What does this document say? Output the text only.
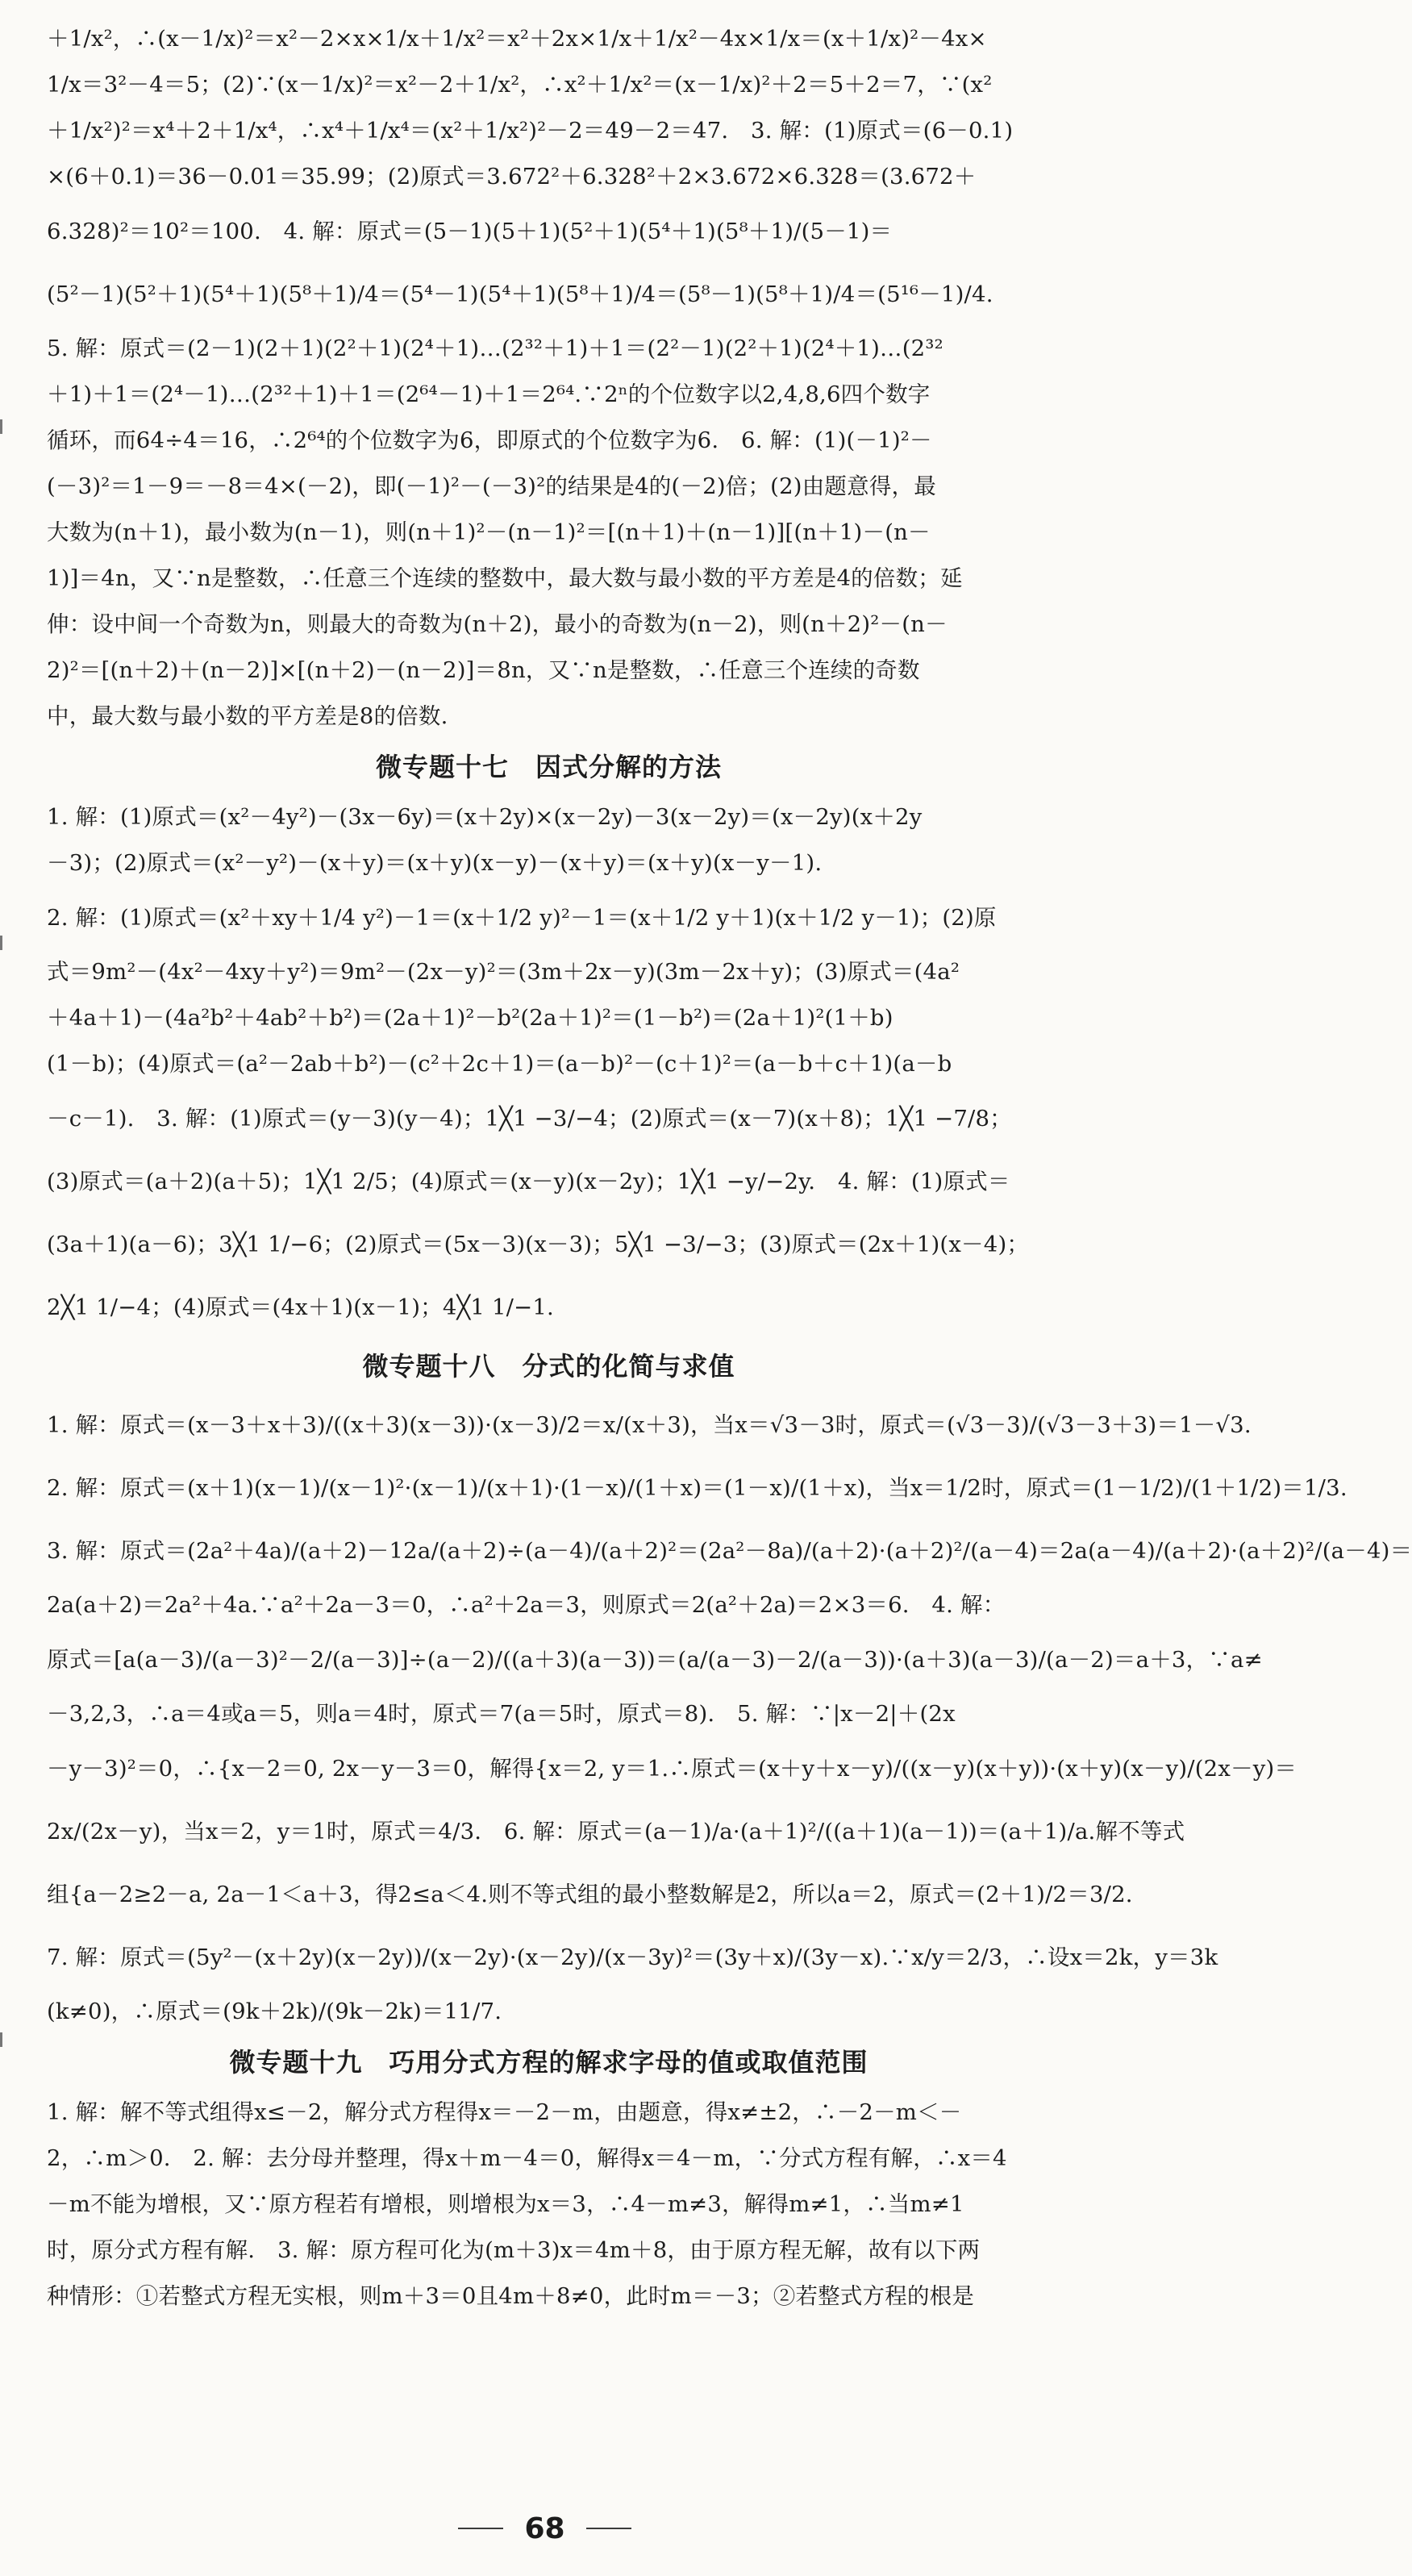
＋1/x²，∴(x－1/x)²＝x²－2×x×1/x＋1/x²＝x²＋2x×1/x＋1/x²－4x×1/x＝(x＋1/x)²－4x×
1/x＝3²－4＝5；(2)∵(x－1/x)²＝x²－2＋1/x²，∴x²＋1/x²＝(x－1/x)²＋2＝5＋2＝7，∵(x²
＋1/x²)²＝x⁴＋2＋1/x⁴，∴x⁴＋1/x⁴＝(x²＋1/x²)²－2＝49－2＝47.　3. 解：(1)原式＝(6－0.1)
×(6＋0.1)＝36－0.01＝35.99；(2)原式＝3.672²＋6.328²＋2×3.672×6.328＝(3.672＋
6.328)²＝10²＝100.　4. 解：原式＝(5－1)(5＋1)(5²＋1)(5⁴＋1)(5⁸＋1)/(5－1)＝
(5²－1)(5²＋1)(5⁴＋1)(5⁸＋1)/4＝(5⁴－1)(5⁴＋1)(5⁸＋1)/4＝(5⁸－1)(5⁸＋1)/4＝(5¹⁶－1)/4.
5. 解：原式＝(2－1)(2＋1)(2²＋1)(2⁴＋1)…(2³²＋1)＋1＝(2²－1)(2²＋1)(2⁴＋1)…(2³²
＋1)＋1＝(2⁴－1)…(2³²＋1)＋1＝(2⁶⁴－1)＋1＝2⁶⁴.∵2ⁿ的个位数字以2,4,8,6四个数字
循环，而64÷4＝16，∴2⁶⁴的个位数字为6，即原式的个位数字为6.　6. 解：(1)(－1)²－
(－3)²＝1－9＝－8＝4×(－2)，即(－1)²－(－3)²的结果是4的(－2)倍；(2)由题意得，最
大数为(n＋1)，最小数为(n－1)，则(n＋1)²－(n－1)²＝[(n＋1)＋(n－1)][(n＋1)－(n－
1)]＝4n，又∵n是整数，∴任意三个连续的整数中，最大数与最小数的平方差是4的倍数；延
伸：设中间一个奇数为n，则最大的奇数为(n＋2)，最小的奇数为(n－2)，则(n＋2)²－(n－
2)²＝[(n＋2)＋(n－2)]×[(n＋2)－(n－2)]＝8n，又∵n是整数，∴任意三个连续的奇数
中，最大数与最小数的平方差是8的倍数.
微专题十七　因式分解的方法
1. 解：(1)原式＝(x²－4y²)－(3x－6y)＝(x＋2y)×(x－2y)－3(x－2y)＝(x－2y)(x＋2y
－3)；(2)原式＝(x²－y²)－(x＋y)＝(x＋y)(x－y)－(x＋y)＝(x＋y)(x－y－1).
2. 解：(1)原式＝(x²＋xy＋1/4 y²)－1＝(x＋1/2 y)²－1＝(x＋1/2 y＋1)(x＋1/2 y－1)；(2)原
式＝9m²－(4x²－4xy＋y²)＝9m²－(2x－y)²＝(3m＋2x－y)(3m－2x＋y)；(3)原式＝(4a²
＋4a＋1)－(4a²b²＋4ab²＋b²)＝(2a＋1)²－b²(2a＋1)²＝(1－b²)＝(2a＋1)²(1＋b)
(1－b)；(4)原式＝(a²－2ab＋b²)－(c²＋2c＋1)＝(a－b)²－(c＋1)²＝(a－b＋c＋1)(a－b
－c－1).　3. 解：(1)原式＝(y－3)(y－4)；1╳1 −3/−4；(2)原式＝(x－7)(x＋8)；1╳1 −7/8；
(3)原式＝(a＋2)(a＋5)；1╳1 2/5；(4)原式＝(x－y)(x－2y)；1╳1 −y/−2y.　4. 解：(1)原式＝
(3a＋1)(a－6)；3╳1 1/−6；(2)原式＝(5x－3)(x－3)；5╳1 −3/−3；(3)原式＝(2x＋1)(x－4)；
2╳1 1/−4；(4)原式＝(4x＋1)(x－1)；4╳1 1/−1.
微专题十八　分式的化简与求值
1. 解：原式＝(x－3＋x＋3)/((x＋3)(x－3))·(x－3)/2＝x/(x＋3)，当x＝√3－3时，原式＝(√3－3)/(√3－3＋3)＝1－√3.
2. 解：原式＝(x＋1)(x－1)/(x－1)²·(x－1)/(x＋1)·(1－x)/(1＋x)＝(1－x)/(1＋x)，当x＝1/2时，原式＝(1－1/2)/(1＋1/2)＝1/3.
3. 解：原式＝(2a²＋4a)/(a＋2)－12a/(a＋2)÷(a－4)/(a＋2)²＝(2a²－8a)/(a＋2)·(a＋2)²/(a－4)＝2a(a－4)/(a＋2)·(a＋2)²/(a－4)＝
2a(a＋2)＝2a²＋4a.∵a²＋2a－3＝0，∴a²＋2a＝3，则原式＝2(a²＋2a)＝2×3＝6.　4. 解：
原式＝[a(a－3)/(a－3)²－2/(a－3)]÷(a－2)/((a＋3)(a－3))＝(a/(a－3)－2/(a－3))·(a＋3)(a－3)/(a－2)＝a＋3，∵a≠
－3,2,3，∴a＝4或a＝5，则a＝4时，原式＝7(a＝5时，原式＝8).　5. 解：∵|x－2|＋(2x
－y－3)²＝0，∴{x－2＝0, 2x－y－3＝0，解得{x＝2, y＝1.∴原式＝(x＋y＋x－y)/((x－y)(x＋y))·(x＋y)(x－y)/(2x－y)＝
2x/(2x－y)，当x＝2，y＝1时，原式＝4/3.　6. 解：原式＝(a－1)/a·(a＋1)²/((a＋1)(a－1))＝(a＋1)/a.解不等式
组{a－2≥2－a, 2a－1＜a＋3，得2≤a＜4.则不等式组的最小整数解是2，所以a＝2，原式＝(2＋1)/2＝3/2.
7. 解：原式＝(5y²－(x＋2y)(x－2y))/(x－2y)·(x－2y)/(x－3y)²＝(3y＋x)/(3y－x).∵x/y＝2/3，∴设x＝2k，y＝3k
(k≠0)，∴原式＝(9k＋2k)/(9k－2k)＝11/7.
微专题十九　巧用分式方程的解求字母的值或取值范围
1. 解：解不等式组得x≤－2，解分式方程得x＝－2－m，由题意，得x≠±2，∴－2－m＜－
2，∴m＞0.　2. 解：去分母并整理，得x＋m－4＝0，解得x＝4－m，∵分式方程有解，∴x＝4
－m不能为增根，又∵原方程若有增根，则增根为x＝3，∴4－m≠3，解得m≠1，∴当m≠1
时，原分式方程有解.　3. 解：原方程可化为(m＋3)x＝4m＋8，由于原方程无解，故有以下两
种情形：①若整式方程无实根，则m＋3＝0且4m＋8≠0，此时m＝－3；②若整式方程的根是
68
